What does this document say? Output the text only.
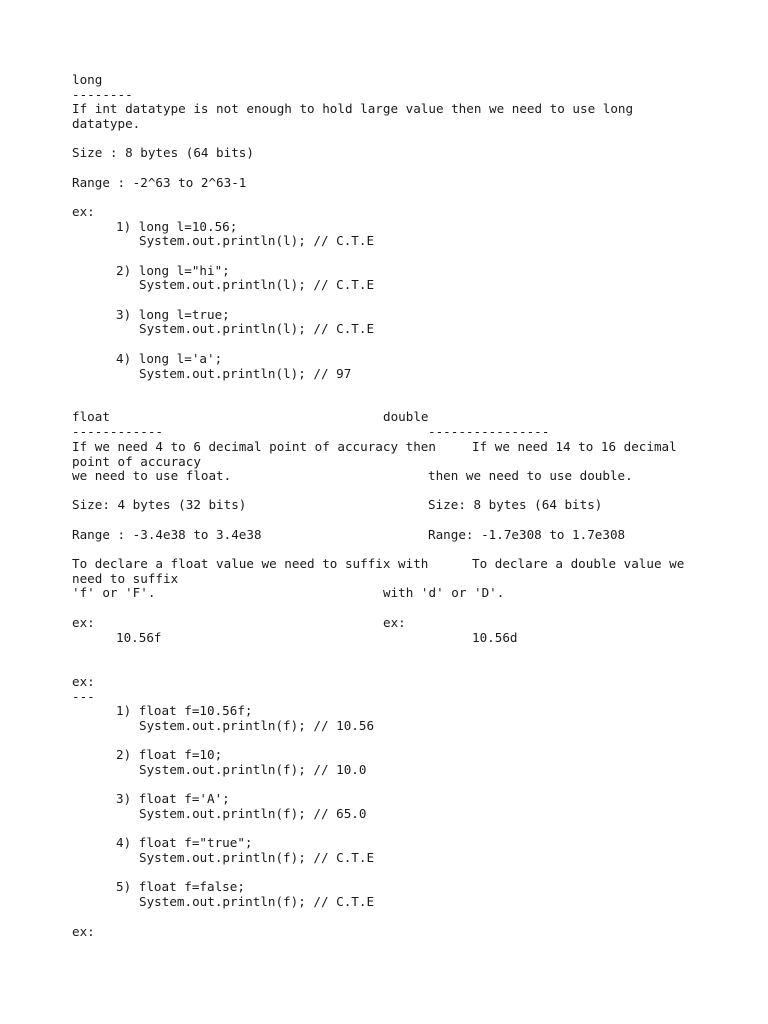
long
--------
If int datatype is not enough to hold large value then we need to use long
datatype.
Size : 8 bytes (64 bits)
Range : -2^63 to 2^63-1
ex:
1) long l=10.56;
System.out.println(l); // C.T.E
2) long l="hi";
System.out.println(l); // C.T.E
3) long l=true;
System.out.println(l); // C.T.E
4) long l='a';
System.out.println(l); // 97
float	double
------------	----------------
If we need 4 to 6 decimal point of accuracy then	If we need 14 to 16 decimal
point of accuracy
we need to use float.	then we need to use double.
Size: 4 bytes (32 bits)	Size: 8 bytes (64 bits)
Range : -3.4e38 to 3.4e38	Range: -1.7e308 to 1.7e308
To declare a float value we need to suffix with	To declare a double value we
need to suffix
'f' or 'F'.	with 'd' or 'D'.
ex:	ex:
10.56f	10.56d
ex:
---
1) float f=10.56f;
System.out.println(f); // 10.56
2) float f=10;
System.out.println(f); // 10.0
3) float f='A';
System.out.println(f); // 65.0
4) float f="true";
System.out.println(f); // C.T.E
5) float f=false;
System.out.println(f); // C.T.E
ex:
